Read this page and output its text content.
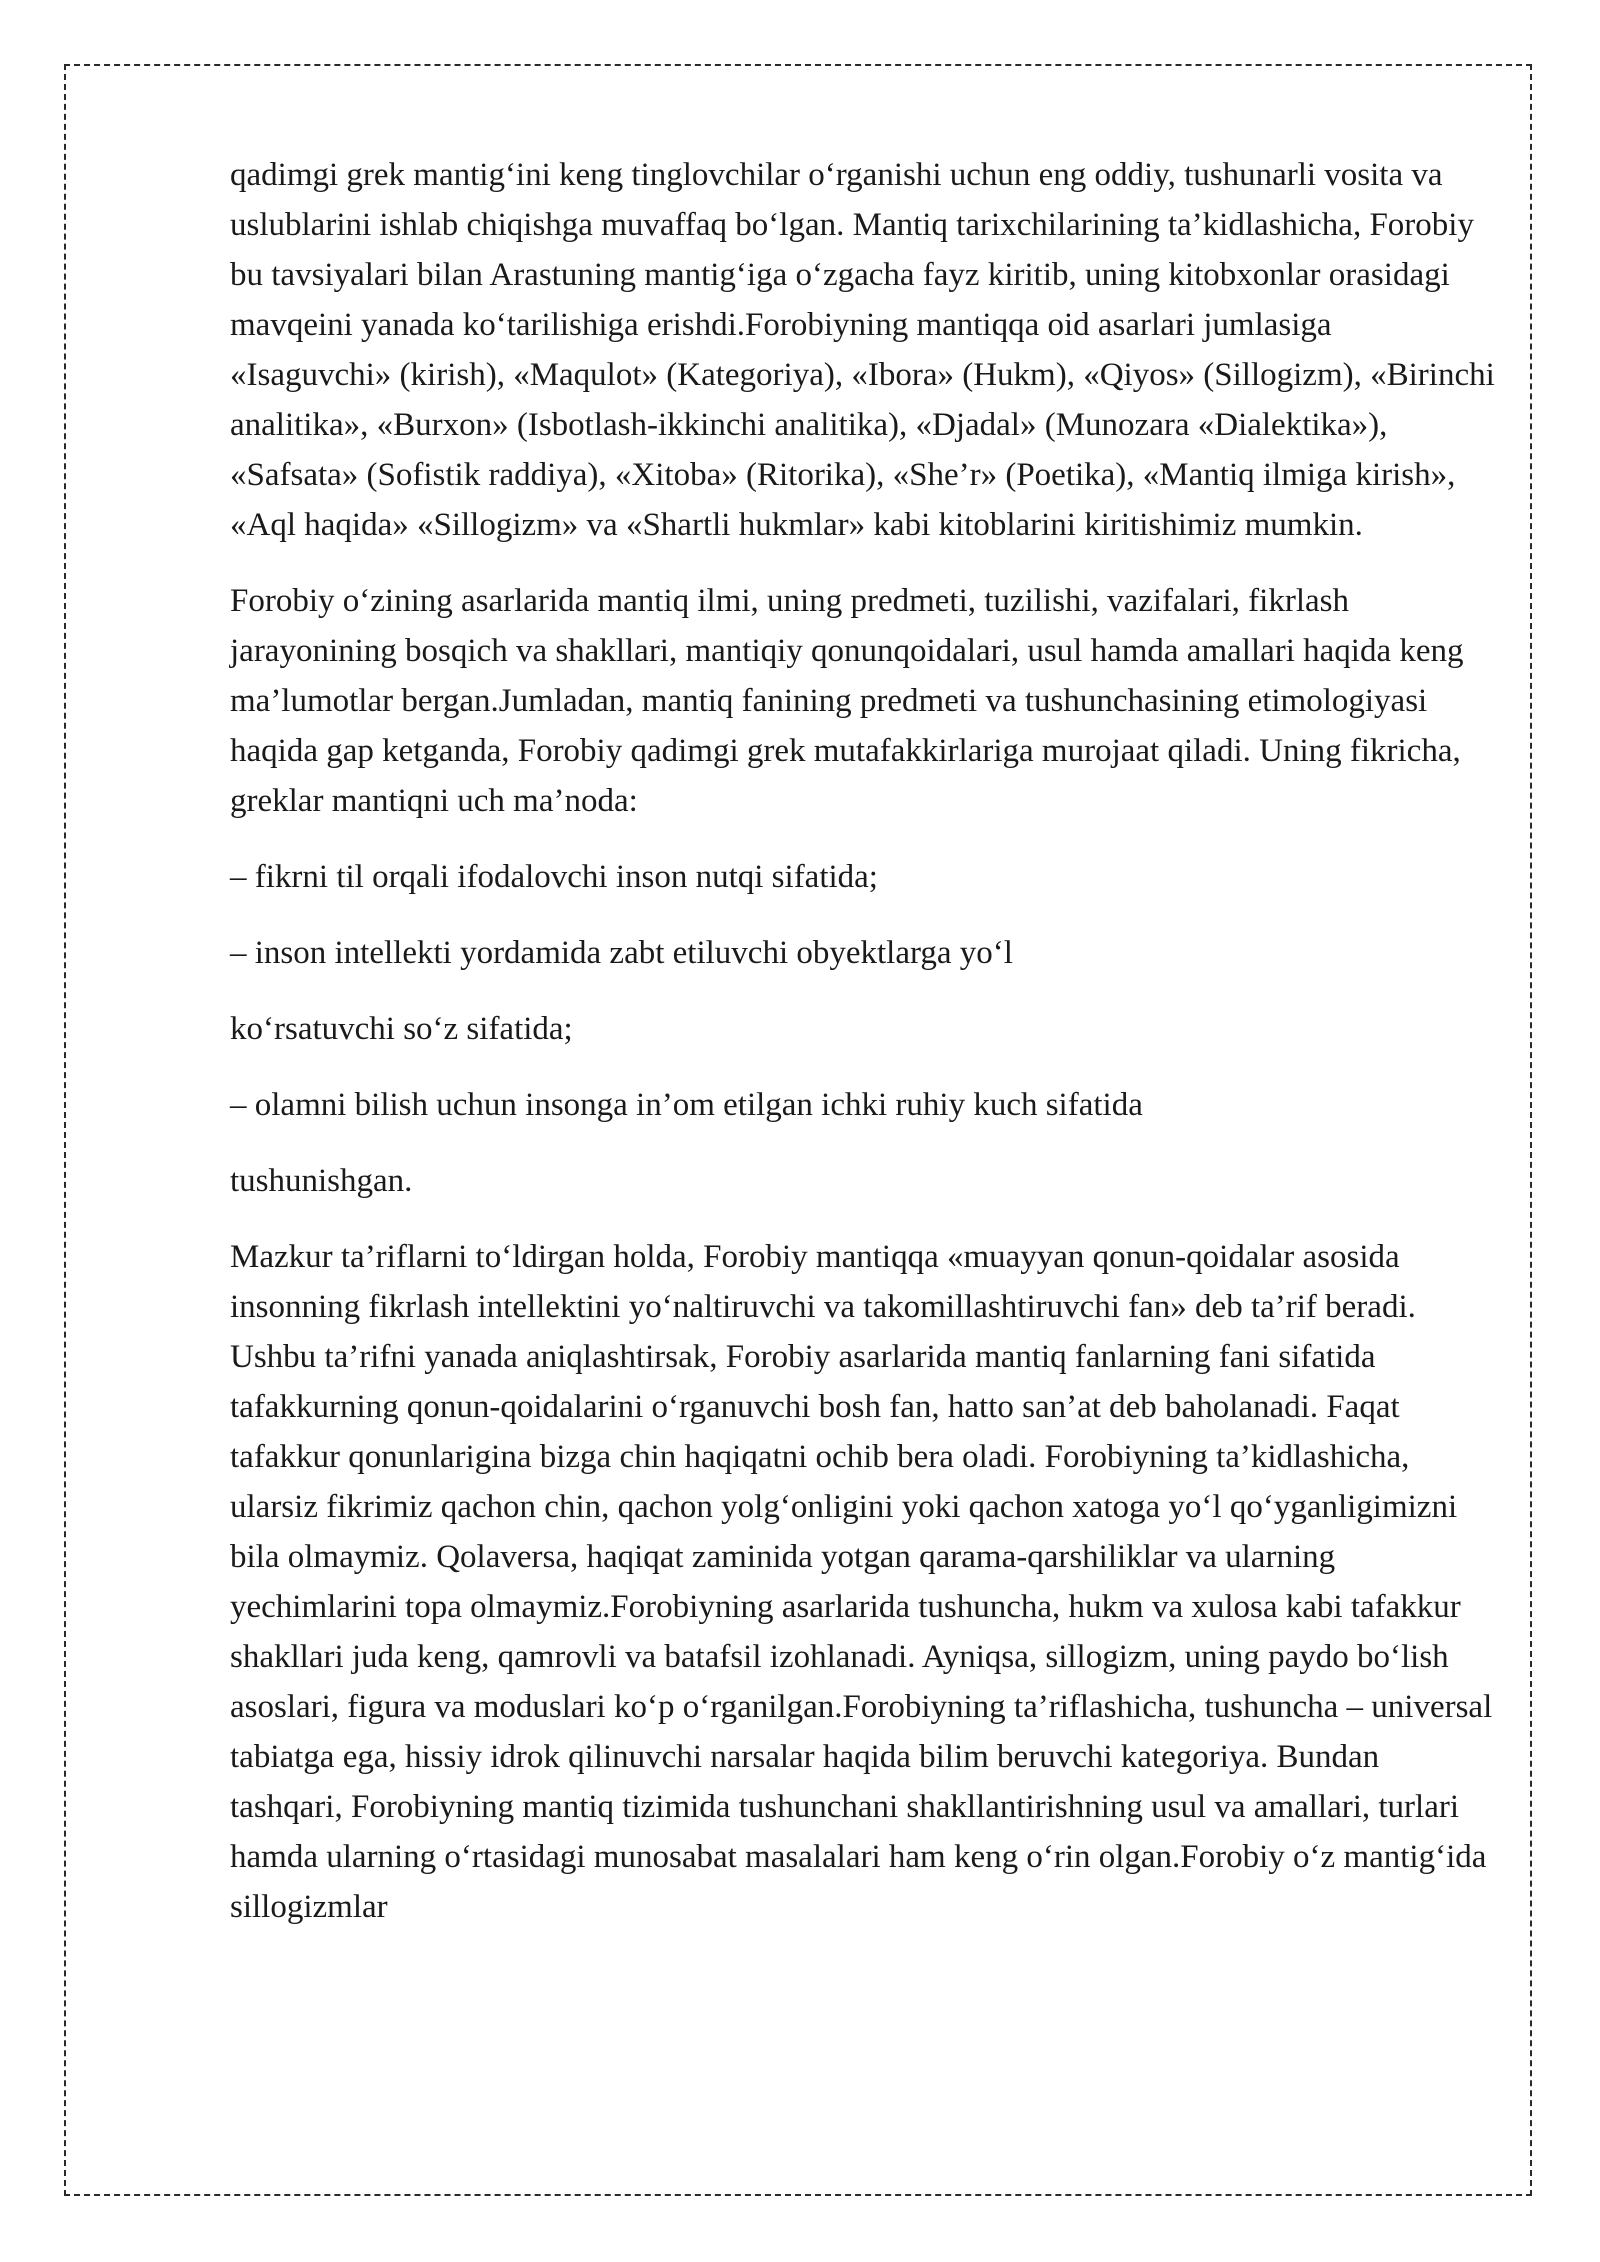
qadimgi grek mantig‘ini keng tinglovchilar o‘rganishi uchun eng oddiy, tushunarli vosita va uslublarini ishlab chiqishga muvaffaq bo‘lgan. Mantiq tarixchilarining ta’kidlashicha, Forobiy bu tavsiyalari bilan Arastuning mantig‘iga o‘zgacha fayz kiritib, uning kitobxonlar orasidagi mavqeini yanada ko‘tarilishiga erishdi.Forobiyning mantiqqa oid asarlari jumlasiga «Isaguvchi» (kirish), «Maqulot» (Kategoriya), «Ibora» (Hukm), «Qiyos» (Sillogizm), «Birinchi analitika», «Burxon» (Isbotlash-ikkinchi analitika), «Djadal» (Munozara «Dialektika»), «Safsata» (Sofistik raddiya), «Xitoba» (Ritorika), «She’r» (Poetika), «Mantiq ilmiga kirish», «Aql haqida» «Sillogizm» va «Shartli hukmlar» kabi kitoblarini kiritishimiz mumkin.

Forobiy o‘zining asarlarida mantiq ilmi, uning predmeti, tuzilishi, vazifalari, fikrlash jarayonining bosqich va shakllari, mantiqiy qonunqoidalari, usul hamda amallari haqida keng ma’lumotlar bergan.Jumladan, mantiq fanining predmeti va tushunchasining etimologiyasi haqida gap ketganda, Forobiy qadimgi grek mutafakkirlariga murojaat qiladi. Uning fikricha, greklar mantiqni uch ma’noda:

– fikrni til orqali ifodalovchi inson nutqi sifatida;

– inson intellekti yordamida zabt etiluvchi obyektlarga yo‘l

ko‘rsatuvchi so‘z sifatida;

– olamni bilish uchun insonga in’om etilgan ichki ruhiy kuch sifatida

tushunishgan.

Mazkur ta’riflarni to‘ldirgan holda, Forobiy mantiqqa «muayyan qonun-qoidalar asosida insonning fikrlash intellektini yo‘naltiruvchi va takomillashtiruvchi fan» deb ta’rif beradi. Ushbu ta’rifni yanada aniqlashtirsak, Forobiy asarlarida mantiq fanlarning fani sifatida tafakkurning qonun-qoidalarini o‘rganuvchi bosh fan, hatto san’at deb baholanadi. Faqat tafakkur qonunlarigina bizga chin haqiqatni ochib bera oladi. Forobiyning ta’kidlashicha, ularsiz fikrimiz qachon chin, qachon yolg‘onligini yoki qachon xatoga yo‘l qo‘yganligimizni bila olmaymiz. Qolaversa, haqiqat zaminida yotgan qarama-qarshiliklar va ularning yechimlarini topa olmaymiz.Forobiyning asarlarida tushuncha, hukm va xulosa kabi tafakkur shakllari juda keng, qamrovli va batafsil izohlanadi. Ayniqsa, sillogizm, uning paydo bo‘lish asoslari, figura va moduslari ko‘p o‘rganilgan.Forobiyning ta’riflashicha, tushuncha – universal tabiatga ega, hissiy idrok qilinuvchi narsalar haqida bilim beruvchi kategoriya. Bundan tashqari, Forobiyning mantiq tizimida tushunchani shakllantirishning usul va amallari, turlari hamda ularning o‘rtasidagi munosabat masalalari ham keng o‘rin olgan.Forobiy o‘z mantig‘ida sillogizmlar
